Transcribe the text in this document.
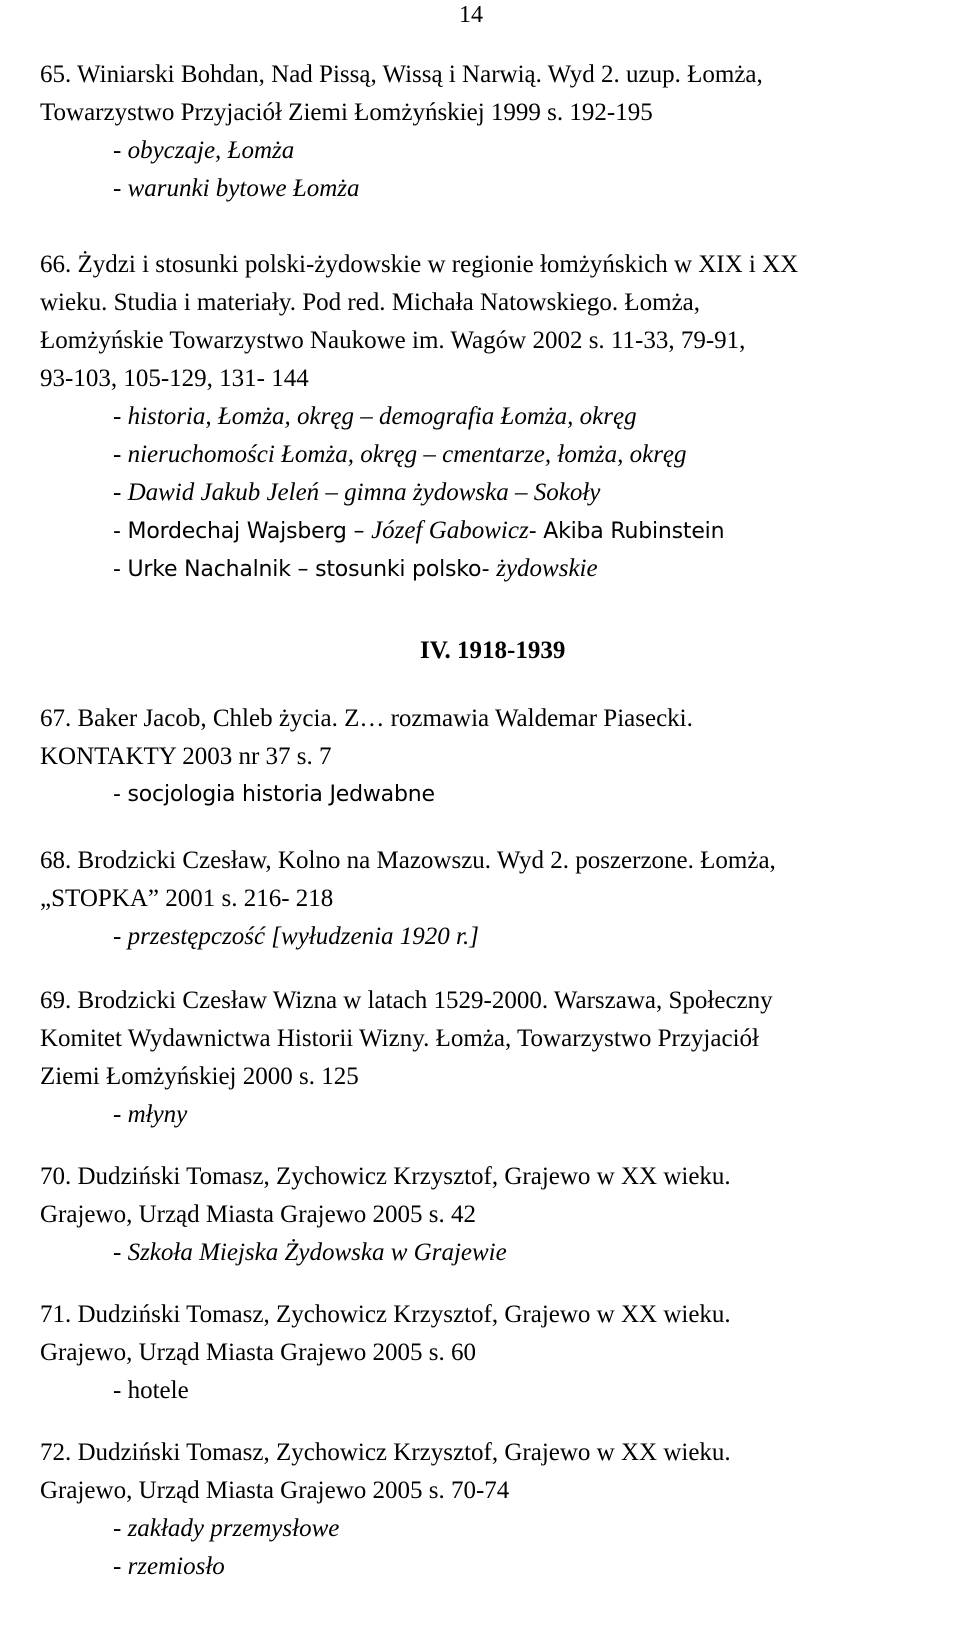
14
65. Winiarski Bohdan, Nad Pissą, Wissą i Narwią. Wyd 2. uzup. Łomża,
Towarzystwo Przyjaciół Ziemi Łomżyńskiej 1999 s. 192-195
- obyczaje, Łomża
- warunki bytowe Łomża
66. Żydzi i stosunki polski-żydowskie w regionie łomżyńskich w XIX i XX
wieku. Studia i materiały. Pod red. Michała Natowskiego. Łomża,
Łomżyńskie Towarzystwo Naukowe im. Wagów 2002 s. 11-33, 79-91,
93-103, 105-129, 131- 144
- historia, Łomża, okręg – demografia Łomża, okręg
- nieruchomości Łomża, okręg – cmentarze, łomża, okręg
- Dawid Jakub Jeleń – gimna żydowska – Sokoły
- Mordechaj Wajsberg – Józef Gabowicz- Akiba Rubinstein
- Urke Nachalnik – stosunki polsko- żydowskie
IV. 1918-1939
67. Baker Jacob, Chleb życia. Z… rozmawia Waldemar Piasecki.
KONTAKTY 2003 nr 37 s. 7
- socjologia historia Jedwabne
68. Brodzicki Czesław, Kolno na Mazowszu. Wyd 2. poszerzone. Łomża,
„STOPKA” 2001 s. 216- 218
- przestępczość [wyłudzenia 1920 r.]
69. Brodzicki Czesław Wizna w latach 1529-2000. Warszawa, Społeczny
Komitet Wydawnictwa Historii Wizny. Łomża, Towarzystwo Przyjaciół
Ziemi Łomżyńskiej 2000 s. 125
- młyny
70. Dudziński Tomasz, Zychowicz Krzysztof, Grajewo w XX wieku.
Grajewo, Urząd Miasta Grajewo 2005 s. 42
- Szkoła Miejska Żydowska w Grajewie
71. Dudziński Tomasz, Zychowicz Krzysztof, Grajewo w XX wieku.
Grajewo, Urząd Miasta Grajewo 2005 s. 60
- hotele
72. Dudziński Tomasz, Zychowicz Krzysztof, Grajewo w XX wieku.
Grajewo, Urząd Miasta Grajewo 2005 s. 70-74
- zakłady przemysłowe
- rzemiosło
